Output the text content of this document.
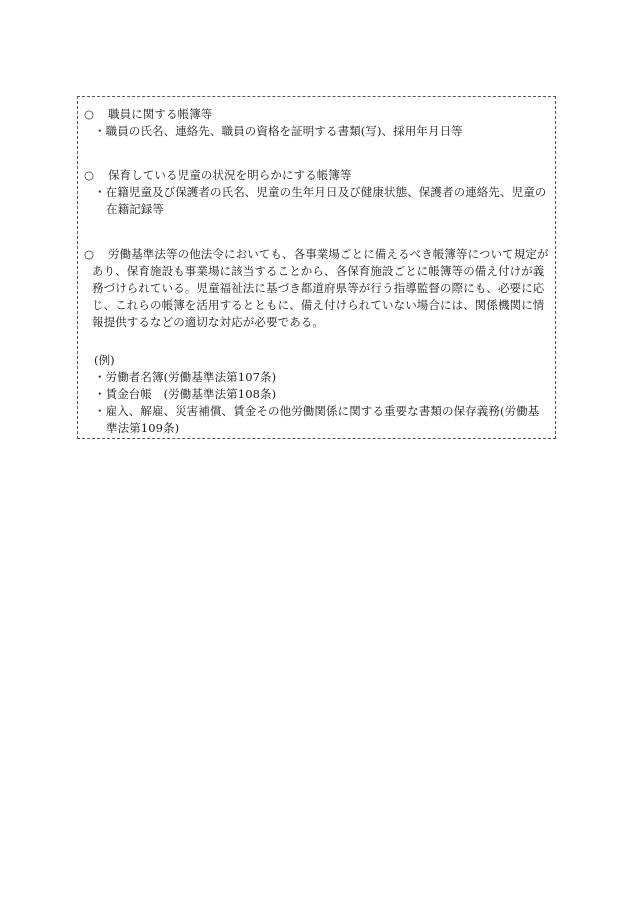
○ 職員に関する帳簿等
・職員の氏名、連絡先、職員の資格を証明する書類(写)、採用年月日等
○ 保育している児童の状況を明らかにする帳簿等
・在籍児童及び保護者の氏名、児童の生年月日及び健康状態、保護者の連絡先、児童の
在籍記録等
○ 労働基準法等の他法令においても、各事業場ごとに備えるべき帳簿等について規定が
あり、保育施設も事業場に該当することから、各保育施設ごとに帳簿等の備え付けが義
務づけられている。児童福祉法に基づき都道府県等が行う指導監督の際にも、必要に応
じ、これらの帳簿を活用するとともに、備え付けられていない場合には、関係機関に情
報提供するなどの適切な対応が必要である。
(例)
・労働者名簿(労働基準法第107条)
・賃金台帳　(労働基準法第108条)
・雇入、解雇、災害補償、賃金その他労働関係に関する重要な書類の保存義務(労働基
準法第109条)
